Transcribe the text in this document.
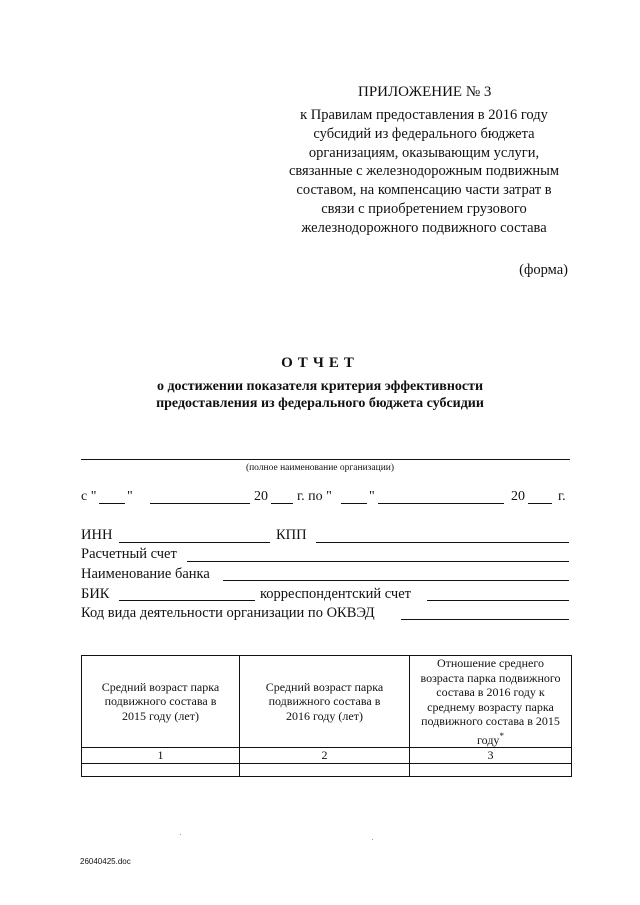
ПРИЛОЖЕНИЕ № 3
к Правилам предоставления в 2016 году
субсидий из федерального бюджета
организациям, оказывающим услуги,
связанные с железнодорожным подвижным
составом, на компенсацию части затрат в
связи с приобретением грузового
железнодорожного подвижного состава
(форма)
ОТЧЕТ
о достижении показателя критерия эффективности
предоставления из федерального бюджета субсидии
(полное наименование организации)
с " "	20 г. по "	"	20 г.
ИНН	КПП
Расчетный счет
Наименование банка
БИК	корреспондентский счет
Код вида деятельности организации по ОКВЭД
Средний возраст парка подвижного состава в 2015 году (лет)	Средний возраст парка подвижного состава в 2016 году (лет)	Отношение среднего возраста парка подвижного состава в 2016 году к среднему возрасту парка подвижного состава в 2015 году*
1	2	3

26040425.doc
